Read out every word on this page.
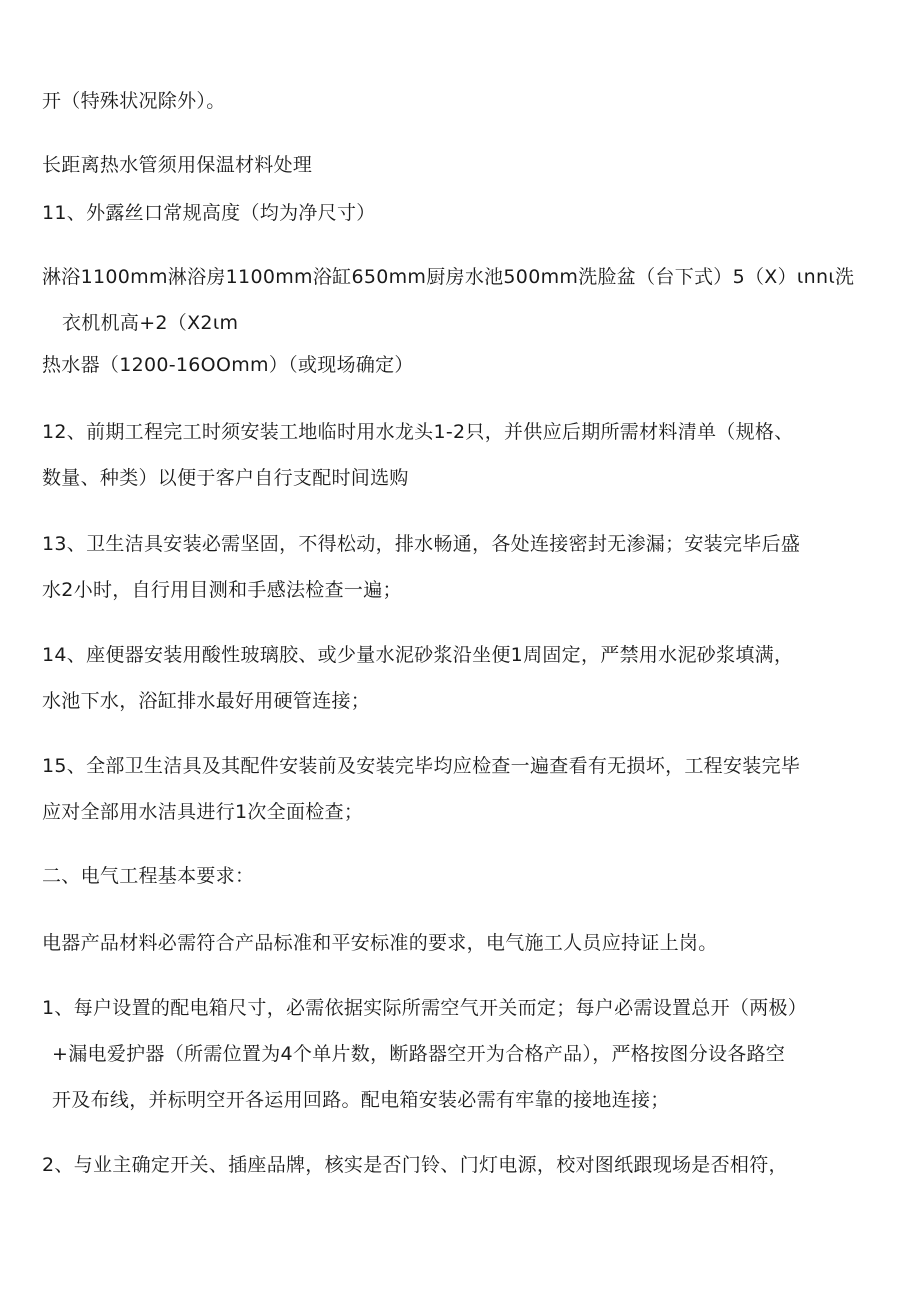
开（特殊状况除外）。
长距离热水管须用保温材料处理
11、外露丝口常规高度（均为净尺寸）
淋浴1100mm淋浴房1100mm浴缸650mm厨房水池500mm洗脸盆（台下式）5（X）ιnnι洗
衣机机高+2（X2ιm
热水器（1200-16OOmm）（或现场确定）
12、前期工程完工时须安装工地临时用水龙头1-2只，并供应后期所需材料清单（规格、
数量、种类）以便于客户自行支配时间选购
13、卫生洁具安装必需坚固，不得松动，排水畅通，各处连接密封无渗漏；安装完毕后盛
水2小时，自行用目测和手感法检查一遍；
14、座便器安装用酸性玻璃胶、或少量水泥砂浆沿坐便1周固定，严禁用水泥砂浆填满，
水池下水，浴缸排水最好用硬管连接；
15、全部卫生洁具及其配件安装前及安装完毕均应检查一遍查看有无损坏，工程安装完毕
应对全部用水洁具进行1次全面检查；
二、电气工程基本要求：
电器产品材料必需符合产品标准和平安标准的要求，电气施工人员应持证上岗。
1、每户设置的配电箱尺寸，必需依据实际所需空气开关而定；每户必需设置总开（两极）
+漏电爱护器（所需位置为4个单片数，断路器空开为合格产品），严格按图分设各路空
开及布线，并标明空开各运用回路。配电箱安装必需有牢靠的接地连接；
2、与业主确定开关、插座品牌，核实是否门铃、门灯电源，校对图纸跟现场是否相符，
